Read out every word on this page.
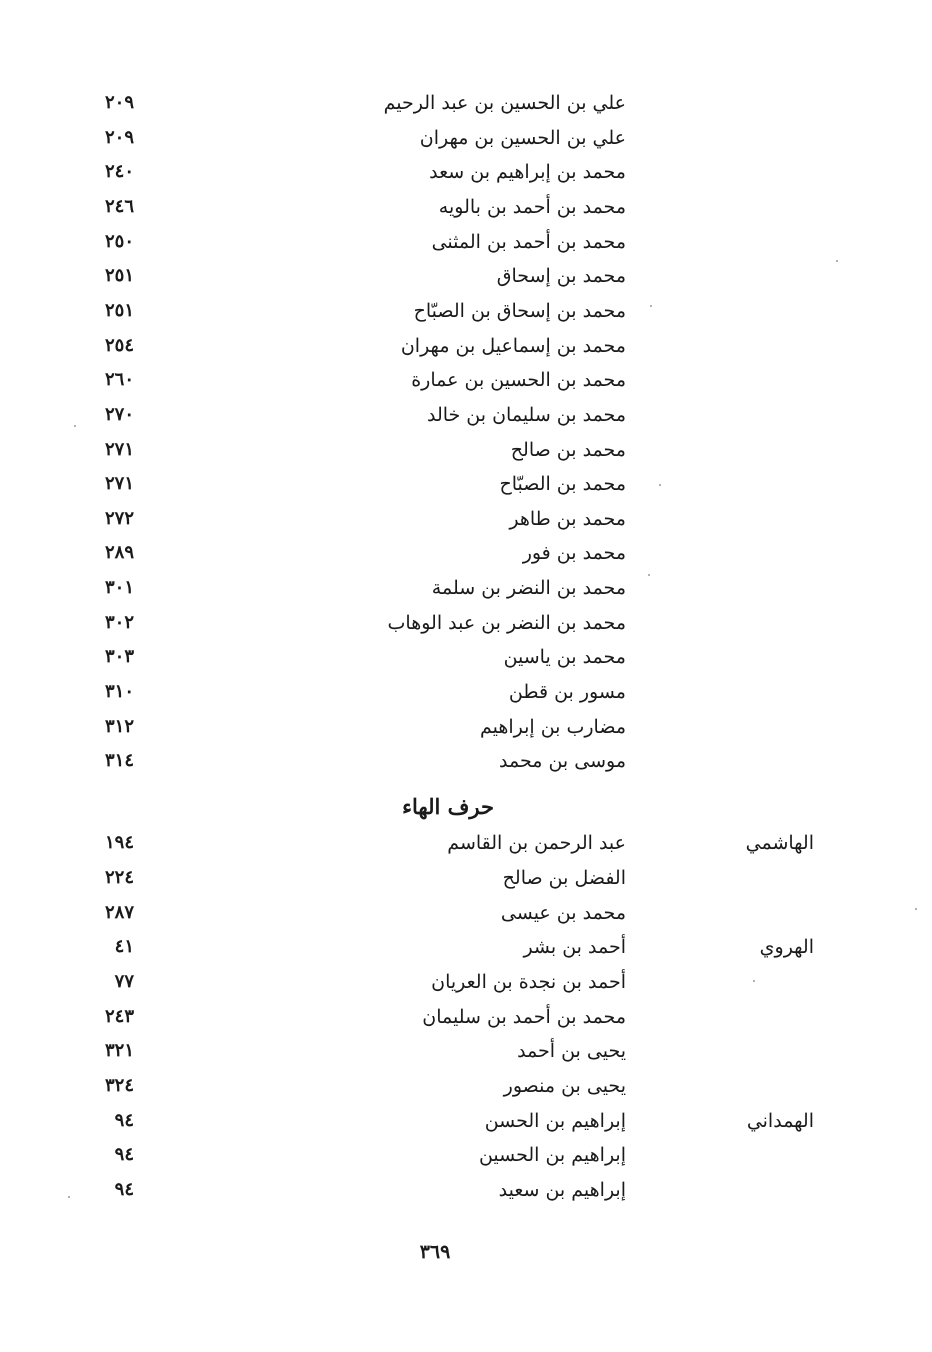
علي بن الحسين بن عبد الرحيم
٢٠٩
علي بن الحسين بن مهران
٢٠٩
محمد بن إبراهيم بن سعد
٢٤٠
محمد بن أحمد بن بالويه
٢٤٦
محمد بن أحمد بن المثنى
٢٥٠
محمد بن إسحاق
٢٥١
محمد بن إسحاق بن الصبّاح
٢٥١
محمد بن إسماعيل بن مهران
٢٥٤
محمد بن الحسين بن عمارة
٢٦٠
محمد بن سليمان بن خالد
٢٧٠
محمد بن صالح
٢٧١
محمد بن الصبّاح
٢٧١
محمد بن طاهر
٢٧٢
محمد بن فور
٢٨٩
محمد بن النضر بن سلمة
٣٠١
محمد بن النضر بن عبد الوهاب
٣٠٢
محمد بن ياسين
٣٠٣
مسور بن قطن
٣١٠
مضارب بن إبراهيم
٣١٢
موسى بن محمد
٣١٤
حرف الهاء
الهاشمي
عبد الرحمن بن القاسم
١٩٤
الفضل بن صالح
٢٢٤
محمد بن عيسى
٢٨٧
الهروي
أحمد بن بشر
٤١
أحمد بن نجدة بن العريان
٧٧
محمد بن أحمد بن سليمان
٢٤٣
يحيى بن أحمد
٣٢١
يحيى بن منصور
٣٢٤
الهمداني
إبراهيم بن الحسن
٩٤
إبراهيم بن الحسين
٩٤
إبراهيم بن سعيد
٩٤
٣٦٩
